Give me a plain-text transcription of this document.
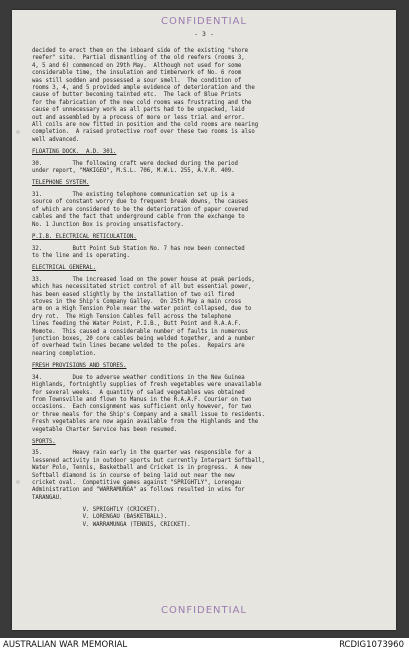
CONFIDENTIAL
- 3 -
decided to erect them on the inboard side of the existing "shore
reefer" site.  Partial dismantling of the old reefers (rooms 3,
4, 5 and 6) commenced on 29th May.  Although not used for some
considerable time, the insulation and timberwork of No. 6 room
was still sodden and possessed a sour smell.  The condition of
rooms 3, 4, and 5 provided ample evidence of deterioration and the
cause of butter becoming tainted etc.  The lack of Blue Prints
for the fabrication of the new cold rooms was frustrating and the
cause of unnecessary work as all parts had to be unpacked, laid
out and assembled by a process of more or less trial and error.
All coils are now fitted in position and the cold rooms are nearing
completion.  A raised protective roof over these two rooms is also
well advanced.
FLOATING DOCK.  A.D. 301.
30.         The following craft were docked during the period
under report, "MAKIGEO", M.S.L. 706, M.W.L. 255, A.V.R. 409.
TELEPHONE SYSTEM.
31.         The existing telephone communication set up is a
source of constant worry due to frequent break downs, the causes
of which are considered to be the deterioration of paper covered
cables and the fact that underground cable from the exchange to
No. 1 Junction Box is proving unsatisfactory.
P.I.B. ELECTRICAL RETICULATION.
32.         Butt Point Sub Station No. 7 has now been connected
to the line and is operating.
ELECTRICAL GENERAL.
33.         The increased load on the power house at peak periods,
which has necessitated strict control of all but essential power,
has been eased slightly by the installation of two oil fired
stoves in the Ship's Company Galley.  On 25th May a main cross
arm on a High Tension Pole near the water point collapsed, due to
dry rot.  The High Tension Cables fell across the telephone
lines feeding the Water Point, P.I.B., Butt Point and R.A.A.F.
Momote.  This caused a considerable number of faults in numerous
junction boxes, 20 core cables being welded together, and a number
of overhead twin lines became welded to the poles.  Repairs are
nearing completion.
FRESH PROVISIONS AND STORES.
34.         Due to adverse weather conditions in the New Guinea
Highlands, fortnightly supplies of fresh vegetables were unavailable
for several weeks.  A quantity of salad vegetables was obtained
from Townsville and flown to Manus in the R.A.A.F. Courier on two
occasions.  Each consignment was sufficient only however, for two
or three meals for the Ship's Company and a small issue to residents.
Fresh vegetables are now again available from the Highlands and the
vegetable Charter Service has been resumed.
SPORTS.
35.         Heavy rain early in the quarter was responsible for a
lessened activity in outdoor sports but currently Interpart Softball,
Water Polo, Tennis, Basketball and Cricket is in progress.  A new
Softball diamond is in course of being laid out near the new
cricket oval.  Competitive games against "SPRIGHTLY", Lorengau
Administration and "WARRAMUNGA" as follows resulted in wins for
TARANGAU.
V. SPRIGHTLY (CRICKET).
V. LORENGAU (BASKETBALL).
V. WARRAMUNGA (TENNIS, CRICKET).
CONFIDENTIAL
AUSTRALIAN WAR MEMORIAL	RCDIG1073960
